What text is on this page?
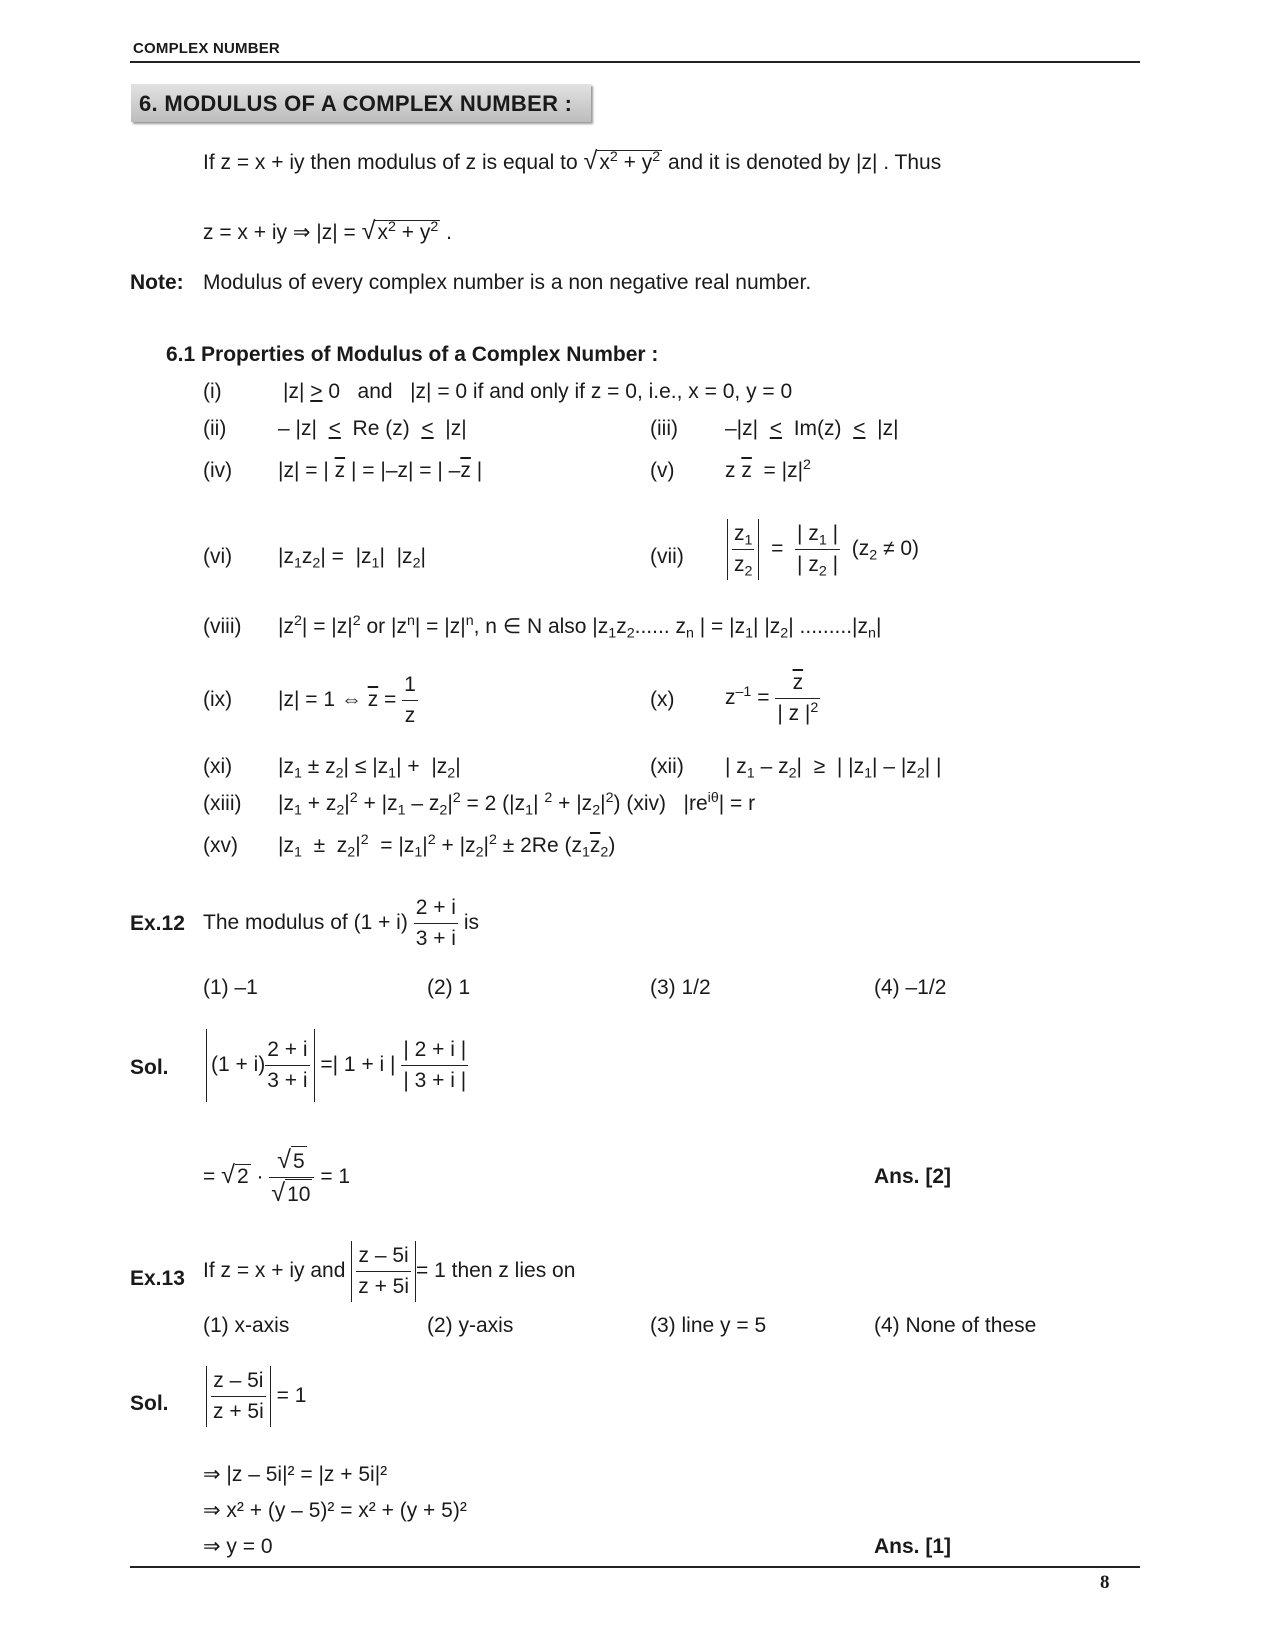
COMPLEX NUMBER
6. MODULUS OF A COMPLEX NUMBER :
If z = x + iy then modulus of z is equal to $√x^2 + y^2$ and it is denoted by |z| . Thus
z = x + iy ⇒ $|z| = √x^2 + y^2$ .
Note: Modulus of every complex number is a non negative real number.
6.1 Properties of Modulus of a Complex Number :
(i)	|z| > 0   and   |z| = 0 if and only if z = 0, i.e., x = 0, y = 0
(ii) – |z|  <  Re (z)  <  |z|	(iii) –|z|  <  Im(z)  <  |z|
(iv) |z| = | $\overline{z}$ | = |–z| = | $-\overline{z}$ |	(v) z $\overline{z} = |z|^2$
(vi) $|z_1z_2| = |z_1|$  $|z_2|$	$(vii) \frac{z_1}{z_2} = \frac{| z_1 |}{| z_2 |} (z_2 \ne 0)$
(viii) $|z^2| = |z|^2$ or $|z^n| = |z|^n$, n ∈ N also $|z_1z_2$...... $z_n$ | = $|z_1|$ $|z_2|$ $.........|z_n|$
(ix) |z| = 1 ⇔ $\overline{z} = \frac{1}{z}$	(x) $z^{-1} = \frac{\overline{z}}{| z |^2}$
(xi) $|z_1 \pm z_2| \le |z_1| + |z_2|$	(xii) | $z_1 - z_2|$  ≥  | $|z_1| - |z_2|$ |
(xiii) $|z_1 + z_2|^2 + |z_1 - z_2|^2 = 2$ ($|z_1|$ $^2 + |z_2|^2$) (xiv)   $|re^{i\theta}| = r$
(xv) $|z_1 \pm z_2|^2 = |z_1|^2 + |z_2|^2 \pm 2Re$ $(z_1\overline{z}_2)$
Ex.12 The modulus of $(1 + i) \frac{2 + i}{3 + i}$ is
(1) –1	(2) 1	(3) 1/2	(4) –1/2
Sol. $(1 + i) \frac{2 + i}{3 + i}$ =| 1 + i | $\frac{| 2 + i |}{| 3 + i |}$
= $√2 \cdot \frac{√5}{√10} = 1$	Ans. [2]
Ex.13 If z = x + iy and $\frac{z - 5i}{z + 5i} = 1$ then z lies on
(1) x-axis	(2) y-axis	(3) line y = 5	(4) None of these
Sol. $\frac{z - 5i}{z + 5i} = 1$
⇒ |z – 5i|² = |z + 5i|²
⇒ x² + (y – 5)² = x² + (y + 5)²
⇒ y = 0	Ans. [1]
8
